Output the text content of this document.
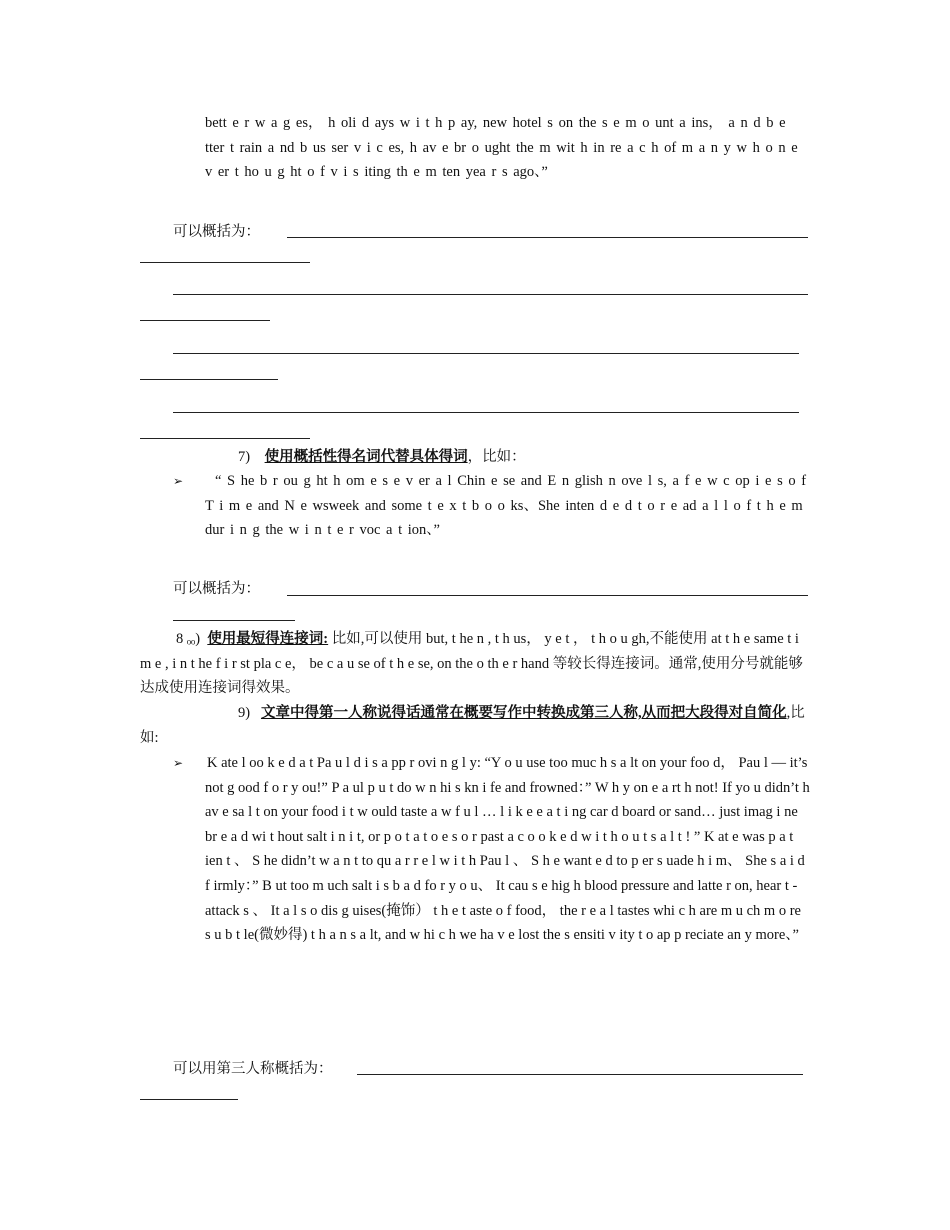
bett e r w a g es， h oli d ays w i t h p ay, new hotel s on the s e m o unt a ins， a n d b e tter t rain a nd b us ser v i c es, h av e br o ught the m wit h in re a c h of m a n y w h o n e v er t ho u g ht o f v i s iting th e m ten yea r s ago、”

可以概括为：
7) 使用概括性得名词代替具体得词，比如：
➢	“ S he b r ou g ht h om e s e v er a l Chin e se and E n glish n ove l s, a f e w c op i e s o f T i m e and N e wsweek and some t e x t b o o ks、She inten d e d t o r e ad a l l o f t h e m dur i n g the w i n t e r voc a t ion、”

可以概括为：

8 ₒₒ) 使用最短得连接词: 比如,可以使用 but, t he n , t h us， y e t ， t h o u gh,不能使用 at t h e same t i m e , i n t he f i r st pla c e， be c a u se of t h e se, on the o th e r hand 等较长得连接词。通常,使用分号就能够达成使用连接词得效果。

9) 文章中得第一人称说得话通常在概要写作中转换成第三人称,从而把大段得对自简化,比如:

➢ K ate l oo k e d a t Pa u l d i s a pp r ovi n g l y: “Y o u use too muc h s a lt on your foo d， Pau l — it’s not g ood f o r y ou!” P a ul p u t do w n hi s kn i fe and frowned：” W h y on e a rt h not! If yo u didn’t h av e sa l t on your food i t w ould taste a w f u l … l i k e e a t i ng car d board or sand… just imag i ne br e a d wi t hout salt i n i t, or p o t a t o e s o r past a c o o k e d w i t h o u t s a l t ! ” K at e was p a t ien t 、 S he didn’t w a n t to qu a r r e l w i t h Pau l 、 S h e want e d to p er s uade h i m、 She s a i d f irmly：” B ut too m uch salt i s b a d fo r y o u、 It cau s e hig h blood pressure and latte r on, hear t -attack s 、 It a l s o dis g uises(掩饰） t h e t aste o f food， the r e a l tastes whi c h are m u ch m o re s u b t le(微妙得) t h a n s a lt, and w hi c h we ha v e lost the s ensiti v ity t o ap p reciate an y more、”

可以用第三人称概括为：
